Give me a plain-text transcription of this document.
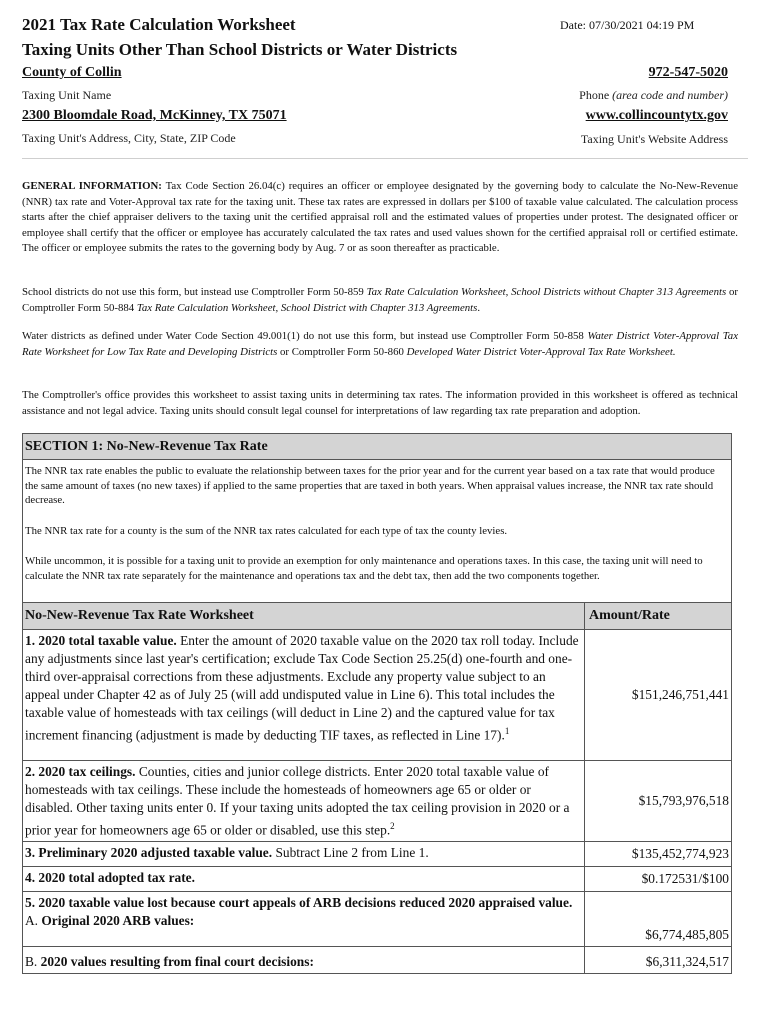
2021 Tax Rate Calculation Worksheet	Date: 07/30/2021 04:19 PM
Taxing Units Other Than School Districts or Water Districts
County of Collin	972-547-5020
Taxing Unit Name	Phone (area code and number)
2300 Bloomdale Road, McKinney, TX 75071	www.collincountytx.gov
Taxing Unit's Address, City, State, ZIP Code	Taxing Unit's Website Address
GENERAL INFORMATION: Tax Code Section 26.04(c) requires an officer or employee designated by the governing body to calculate the No-New-Revenue (NNR) tax rate and Voter-Approval tax rate for the taxing unit. These tax rates are expressed in dollars per $100 of taxable value calculated. The calculation process starts after the chief appraiser delivers to the taxing unit the certified appraisal roll and the estimated values of properties under protest. The designated officer or employee shall certify that the officer or employee has accurately calculated the tax rates and used values shown for the certified appraisal roll or certified estimate. The officer or employee submits the rates to the governing body by Aug. 7 or as soon thereafter as practicable.
School districts do not use this form, but instead use Comptroller Form 50-859 Tax Rate Calculation Worksheet, School Districts without Chapter 313 Agreements or Comptroller Form 50-884 Tax Rate Calculation Worksheet, School District with Chapter 313 Agreements.
Water districts as defined under Water Code Section 49.001(1) do not use this form, but instead use Comptroller Form 50-858 Water District Voter-Approval Tax Rate Worksheet for Low Tax Rate and Developing Districts or Comptroller Form 50-860 Developed Water District Voter-Approval Tax Rate Worksheet.
The Comptroller's office provides this worksheet to assist taxing units in determining tax rates. The information provided in this worksheet is offered as technical assistance and not legal advice. Taxing units should consult legal counsel for interpretations of law regarding tax rate preparation and adoption.
SECTION 1: No-New-Revenue Tax Rate
The NNR tax rate enables the public to evaluate the relationship between taxes for the prior year and for the current year based on a tax rate that would produce the same amount of taxes (no new taxes) if applied to the same properties that are taxed in both years. When appraisal values increase, the NNR tax rate should decrease.
The NNR tax rate for a county is the sum of the NNR tax rates calculated for each type of tax the county levies.
While uncommon, it is possible for a taxing unit to provide an exemption for only maintenance and operations taxes. In this case, the taxing unit will need to calculate the NNR tax rate separately for the maintenance and operations tax and the debt tax, then add the two components together.
No-New-Revenue Tax Rate Worksheet	Amount/Rate
1. 2020 total taxable value. Enter the amount of 2020 taxable value on the 2020 tax roll today. Include any adjustments since last year's certification; exclude Tax Code Section 25.25(d) one-fourth and one-third over-appraisal corrections from these adjustments. Exclude any property value subject to an appeal under Chapter 42 as of July 25 (will add undisputed value in Line 6). This total includes the taxable value of homesteads with tax ceilings (will deduct in Line 2) and the captured value for tax increment financing (adjustment is made by deducting TIF taxes, as reflected in Line 17).$^1$	$151,246,751,441
2. 2020 tax ceilings. Counties, cities and junior college districts. Enter 2020 total taxable value of homesteads with tax ceilings. These include the homesteads of homeowners age 65 or older or disabled. Other taxing units enter 0. If your taxing units adopted the tax ceiling provision in 2020 or a prior year for homeowners age 65 or older or disabled, use this step.$^2$	$15,793,976,518
3. Preliminary 2020 adjusted taxable value. Subtract Line 2 from Line 1.	$135,452,774,923
4. 2020 total adopted tax rate.	$0.172531/$100
5. 2020 taxable value lost because court appeals of ARB decisions reduced 2020 appraised value.
A. Original 2020 ARB values:	$6,774,485,805
B. 2020 values resulting from final court decisions:	$6,311,324,517
